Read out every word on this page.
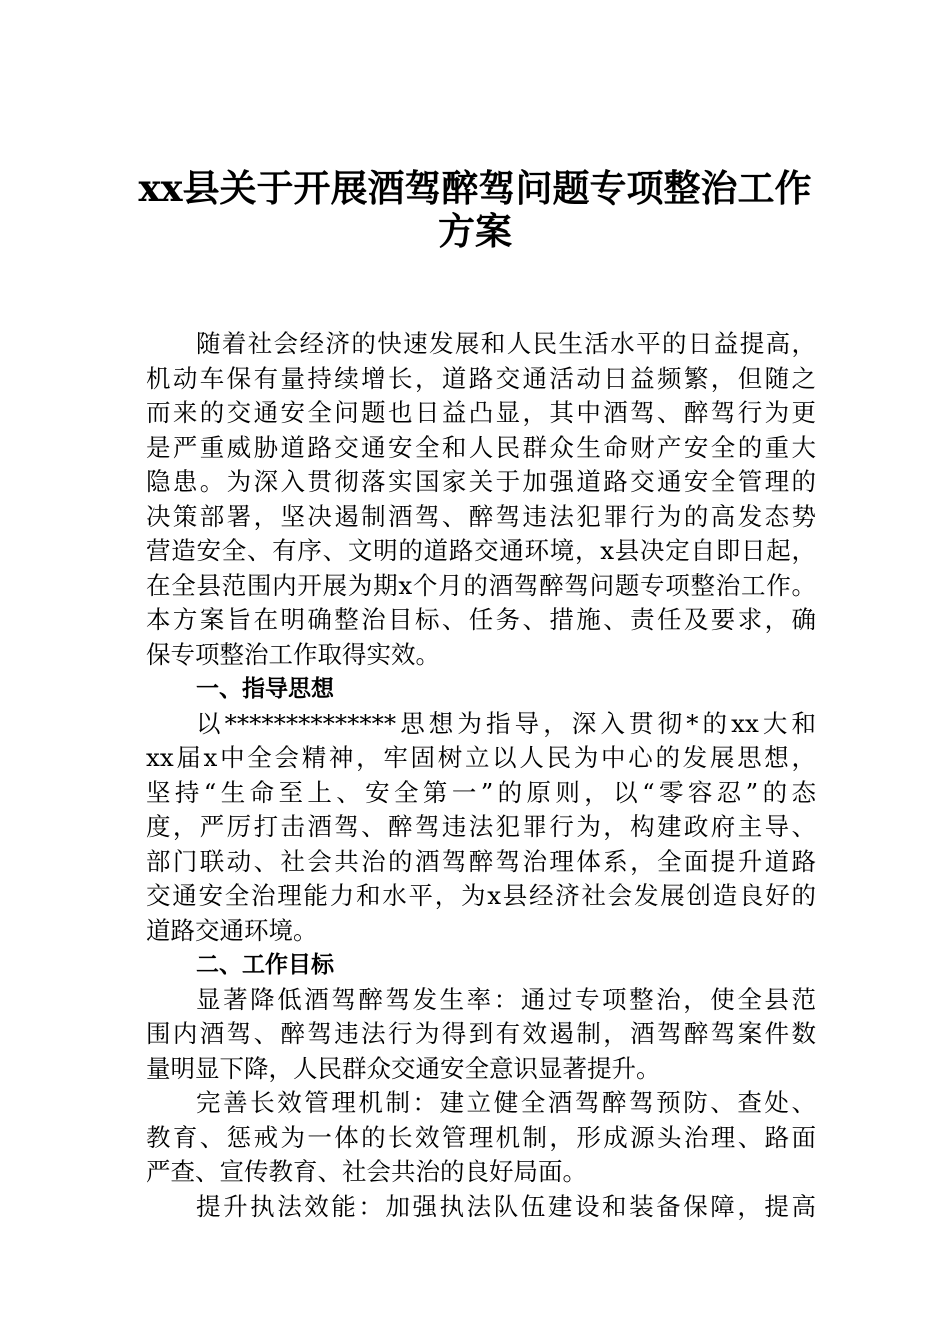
xx县关于开展酒驾醉驾问题专项整治工作
方案
随着社会经济的快速发展和人民生活水平的日益提高，
机动车保有量持续增长，道路交通活动日益频繁，但随之
而来的交通安全问题也日益凸显，其中酒驾、醉驾行为更
是严重威胁道路交通安全和人民群众生命财产安全的重大
隐患。为深入贯彻落实国家关于加强道路交通安全管理的
决策部署，坚决遏制酒驾、醉驾违法犯罪行为的高发态势
营造安全、有序、文明的道路交通环境，x县决定自即日起，
在全县范围内开展为期x个月的酒驾醉驾问题专项整治工作。
本方案旨在明确整治目标、任务、措施、责任及要求，确
保专项整治工作取得实效。
一、指导思想
以**************思想为指导，深入贯彻*的xx大和
xx届x中全会精神，牢固树立以人民为中心的发展思想，
坚持“生命至上、安全第一”的原则，以“零容忍”的态
度，严厉打击酒驾、醉驾违法犯罪行为，构建政府主导、
部门联动、社会共治的酒驾醉驾治理体系，全面提升道路
交通安全治理能力和水平，为x县经济社会发展创造良好的
道路交通环境。
二、工作目标
显著降低酒驾醉驾发生率：通过专项整治，使全县范
围内酒驾、醉驾违法行为得到有效遏制，酒驾醉驾案件数
量明显下降，人民群众交通安全意识显著提升。
完善长效管理机制：建立健全酒驾醉驾预防、查处、
教育、惩戒为一体的长效管理机制，形成源头治理、路面
严查、宣传教育、社会共治的良好局面。
提升执法效能：加强执法队伍建设和装备保障，提高
